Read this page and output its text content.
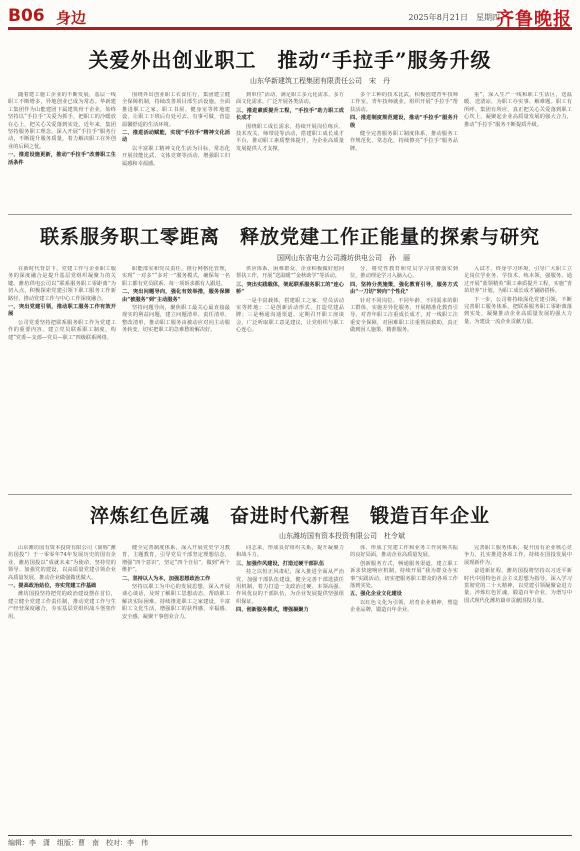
B06 身边	2025年8月21日　星期四
齐鲁晚报
关爱外出创业职工　推动“手拉手”服务升级
山东华新建筑工程集团有限责任公司　宋　丹

随着建工施工企业的不断发展，基层一线职工不断增多，异地创业已成为常态。华新建工集团作为山能建团下属建筑骨干企业，始终坚持以“手拉手”关爱为抓手，把职工的冷暖放在心上，把关心关爱落到实处。近年来，集团坚持服务职工理念，深入开展“手拉手”服务行动，不断提升服务质量，着力解决职工在外创业的后顾之忧。

一、推进设施更新，推动“手拉手”改善职工生活条件

围绕外出创业职工衣食住行，集团建立健全保障机制，持续改善项目部生活设施。全面推进职工之家、职工书屋、健身室等阵地建设，让职工下班后有处可去、有事可做，营造温馨舒适的生活环境。

二、推进活动赋能，实现“手拉手”精神文化活动

以丰富职工精神文化生活为目标，常态化开展技能比武、文体竞赛等活动，增强职工归属感和幸福感。

到单位“活动，满足职工多元化需求，多方面文化需求，广泛开展各类活动。

三、推进素质提升工程，“手拉手”助力职工成长成才

围绕职工成长需求，持续开展岗位练兵、技术攻关、师带徒等活动，搭建职工成长成才平台，推动职工素质整体提升，为企业高质量发展提供人才支撑。

多个工种的技术比武，积极创建青年技师工作室，青年技师就业，组织开展“手拉手”帮扶活动。

四、推进制度规范建设，推动“手拉手”服务升级

健全完善服务职工制度体系，推动服务工作规范化、常态化，持续擦亮“手拉手”服务品牌。

重”，深入生产一线和职工生活区，送温暖、送清凉，为职工办实事、解难题。职工有所呼、集团有所应，真正把关心关爱落到职工心坎上，凝聚起企业高质量发展的强大合力，推动“手拉手”服务不断提质升级。

联系服务职工零距离　释放党建工作正能量的探索与研究
国网山东省电力公司潍坊供电公司　孙　丽

在新时代背景下，党建工作与企业职工服务的深度融合是提升基层党组织凝聚力的关键。潍坊供电公司以“联系服务职工零距离”为切入点，积极探索党建引领下职工服务工作新路径，推动党建工作与中心工作深度融合。

一、突出党建引领，推动职工服务工作有效开展

公司党委坚持把联系服务职工作为党建工作的重要内容，建立党员联系职工制度，构建“党委—支部—党员—职工”四级联系网络。

职能部室和党员责任，推行网格化管理，实现“一对多”“多对一”服务模式，确保每一名职工都有党员联系、每一项诉求都有人跟进。

二、突出问题导向，强化有效举措，服务保障由“被服务”到“主动服务”

坚持问题导向，聚焦职工最关心最直接最现实的利益问题，建立问题清单、责任清单、整改清单，推动职工服务由被动应对向主动服务转变，切实把职工的急难愁盼解决好。

供应体系，困难群众、企业积极做好慰问帮扶工作，开展“送温暖”“金秋助学”等活动。

三、突出实践载体，架起联系服务职工的“连心桥”

一是丰富载体，搭建职工之家、党员活动室等阵地；二是创新活动形式，打造党建品牌；三是畅通沟通渠道，定期召开职工座谈会，广泛听取职工意见建议，让党组织与职工心连心。

分，将党性教育和党员学习贯彻落实到位，推动理论学习入脑入心。

四、坚持分类施策，强化教育引导，服务方式由“一刀切”转向“个性化”

针对不同岗位、不同年龄、不同需求的职工群体，实施差异化服务，开展精准化教育引导。对青年职工注重成长成才，对一线职工注重安全保障，对困难职工注重帮扶救助，真正做到因人施策、精准服务。

入试才，终身学习环境，引导广大职工立足岗位学业务、学技术、练本领，强服务。通过开展“蓝领精英”职工素质提升工程，实施“青苗培养”计划，为职工成长成才铺路搭桥。

下一步，公司将持续深化党建引领，不断完善职工服务体系，把联系服务职工零距离落到实处，凝聚推动企业高质量发展的强大力量，为建设一流企业贡献力量。

淬炼红色匠魂　奋进时代新程　锻造百年企业
山东潍坊国有资本投资有限公司　杜令斌

山东潍坊国有资本投资有限公司（简称“潍坊国投”）于一零零年74年发展历史的国有企业，潍坊国投以“成就未来”为使命，坚持党的领导、加强党的建设，以高质量党建引领企业高质量发展，推动企业做强做优做大。

一、提高政治站位，夯实党建工作基础

潍坊国投坚持把党的政治建设摆在首位，建立健全党建工作责任制，推动党建工作与生产经营深度融合，夯实基层党组织战斗堡垒作用。

健全完善制度体系，深入开展党史学习教育、主题教育，引导党员干部坚定理想信念，增强“四个意识”，坚定“四个自信”，做到“两个维护”。

二、坚持以人为本，加强思想政治工作

坚持以职工为中心的发展思想，深入开展谈心谈话，及时了解职工思想动态，帮助职工解决实际困难。持续推进职工之家建设，丰富职工文化生活，增强职工的获得感、幸福感、安全感，凝聚干事创业合力。

同志来，形成良好组织关系，提升凝聚力和战斗力。

三、加强作风建设，打造过硬干部队伍

持之以恒正风肃纪，深入推进全面从严治党，加强干部队伍建设，健全完善干部选拔任用机制，着力打造一支政治过硬、本领高强、作风优良的干部队伍，为企业发展提供坚强组织保证。

四、创新服务模式，增强凝聚力

体，形成了党建工作和业务工作同频共振的良好局面，推动企业高质量发展。

创新服务方式，畅通服务渠道，建立职工诉求快速响应机制，持续开展“我为群众办实事”实践活动，切实把服务职工群众的各项工作落到实处。

五、强化企业文化建设

以红色文化为引领，培育企业精神，塑造企业品牌，锻造百年企业。

完善职工服务体系，提升国有企业核心竞争力，扎实推进各项工作，持续在国投发展中展现新作为。

奋进新征程，潍坊国投将坚持以习近平新时代中国特色社会主义思想为指导，深入学习贯彻党的二十大精神，以党建引领凝聚奋进力量，淬炼红色匠魂，锻造百年企业，为谱写中国式现代化潍坊篇章贡献国投力量。

编辑：李　潇　组版：曹　南　校对：李　伟
